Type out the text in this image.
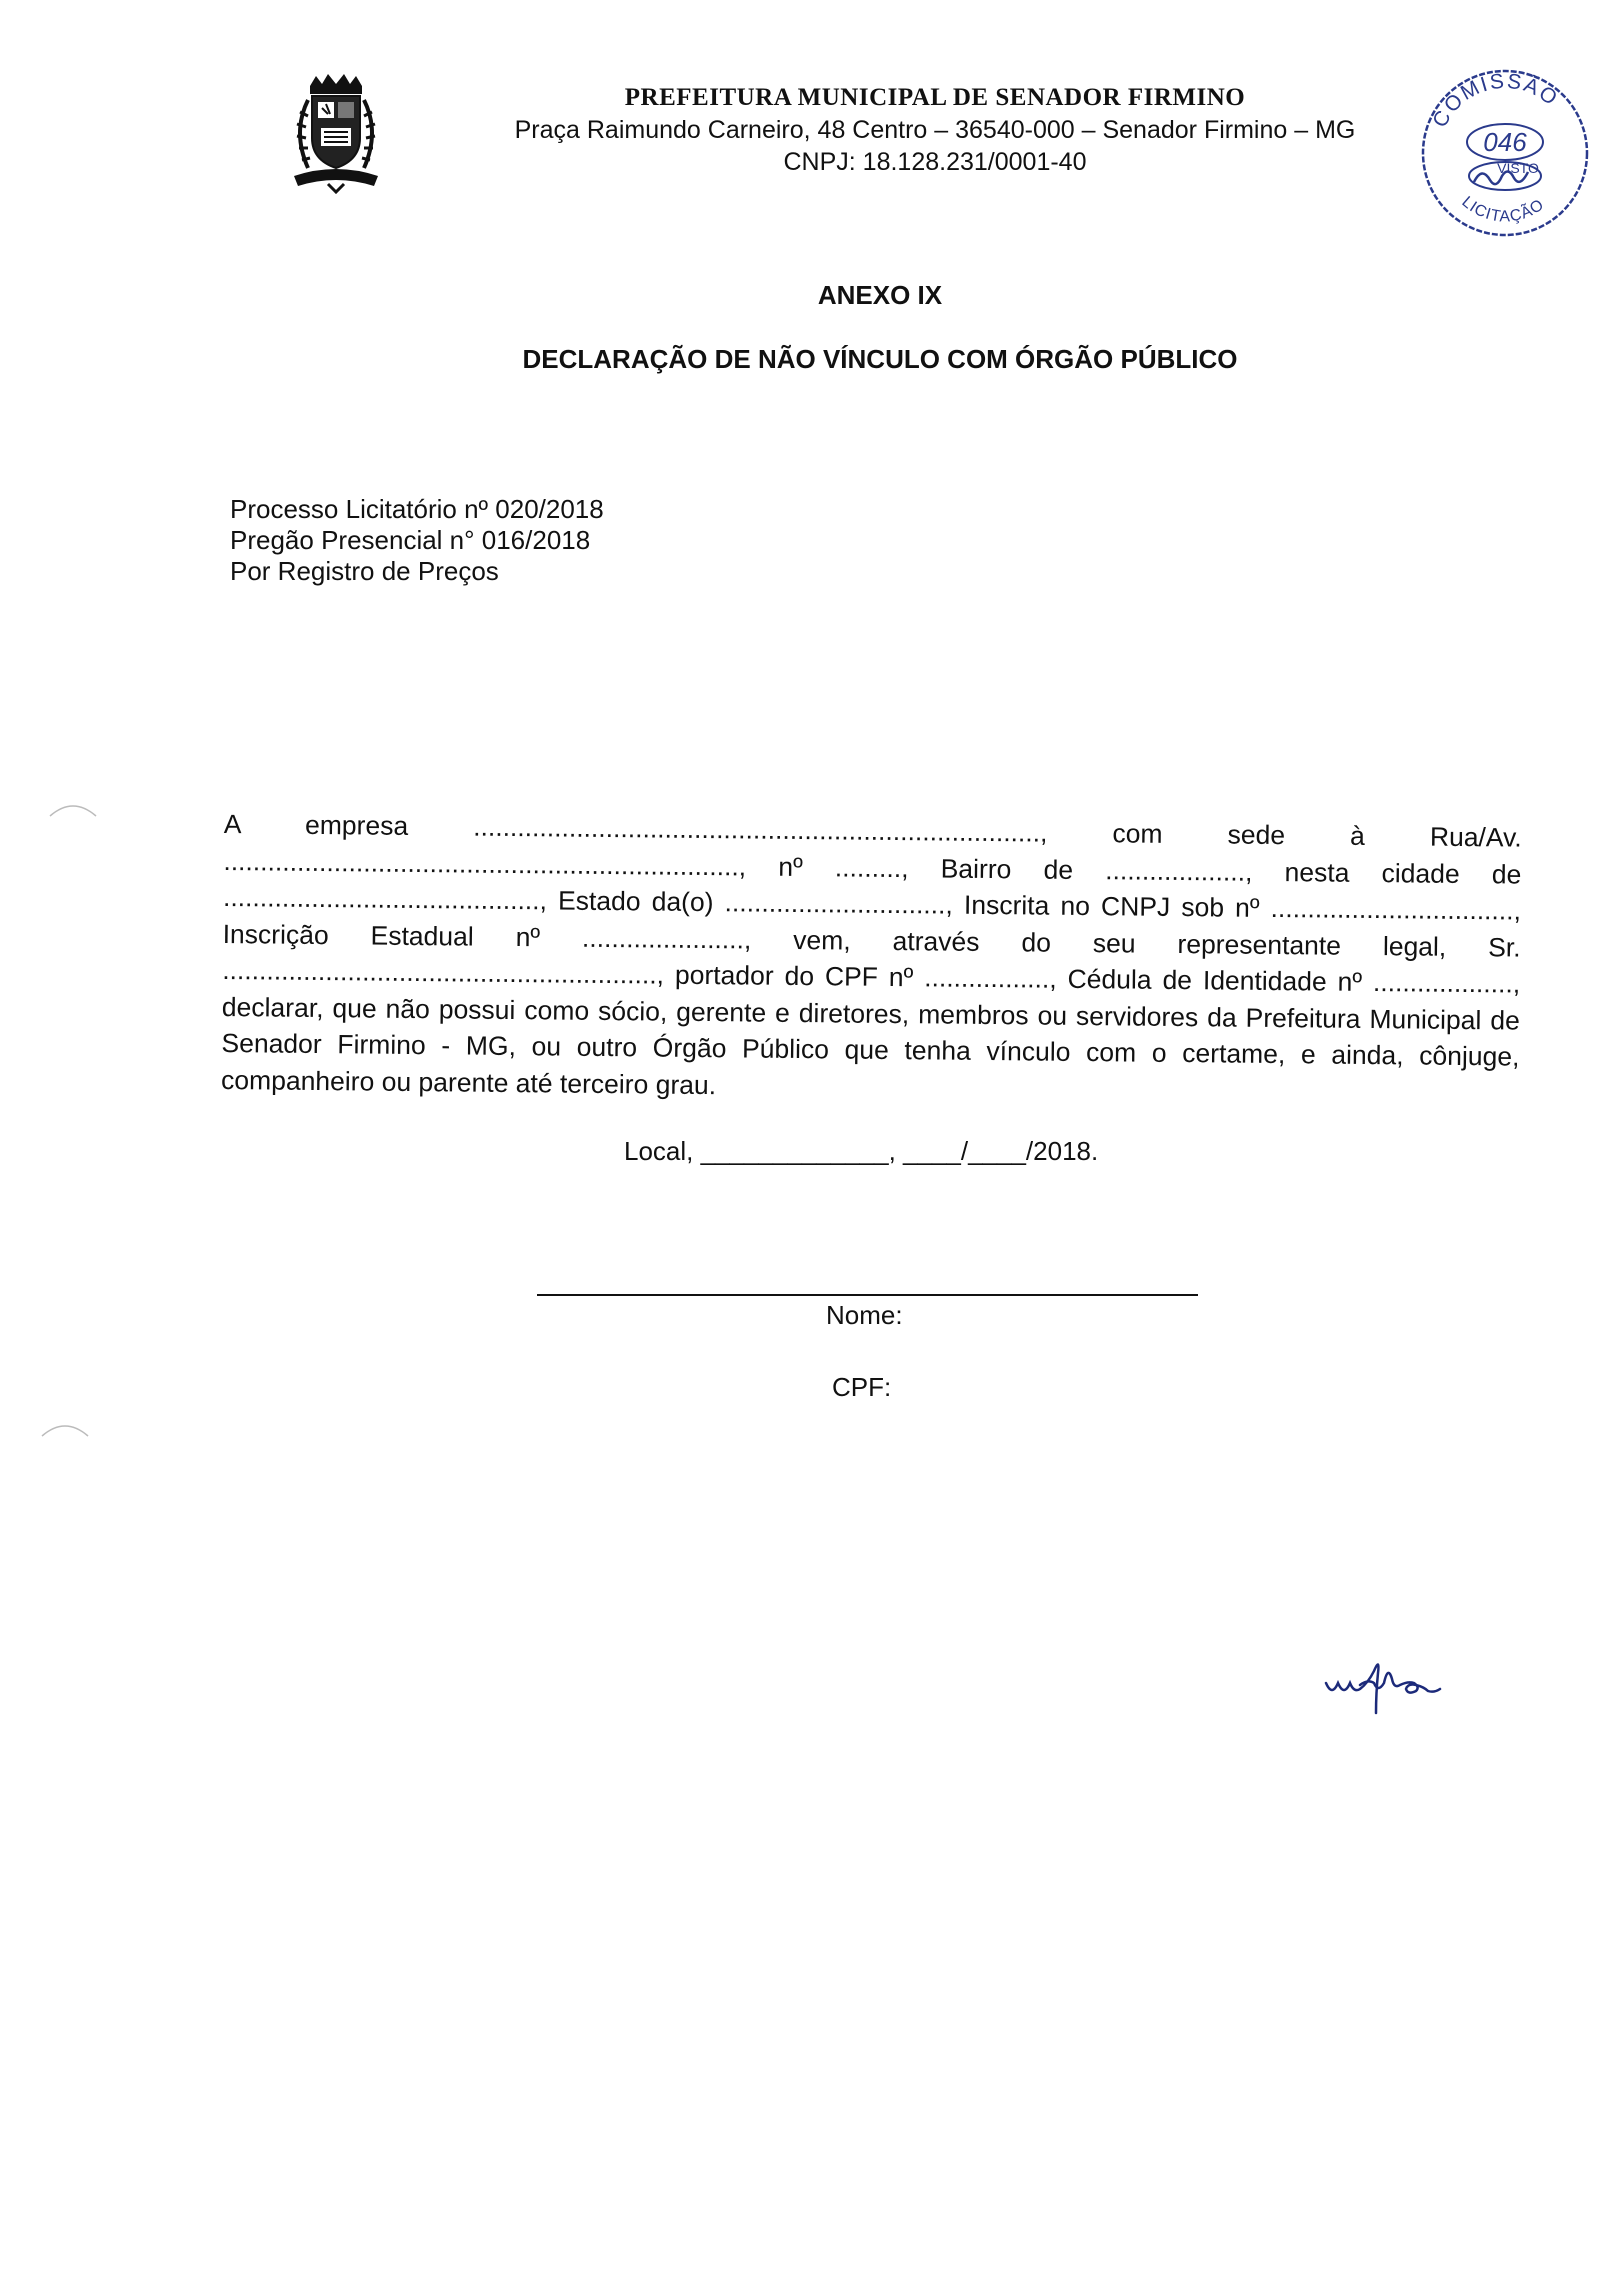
PREFEITURA MUNICIPAL DE SENADOR FIRMINO
Praça Raimundo Carneiro, 48 Centro – 36540-000 – Senador Firmino – MG
CNPJ: 18.128.231/0001-40
COMISSÃO
046
VISTO
LICITAÇÃO
ANEXO IX
DECLARAÇÃO DE NÃO VÍNCULO COM ÓRGÃO PÚBLICO
Processo Licitatório nº 020/2018
Pregão Presencial n° 016/2018
Por Registro de Preços
A empresa ............................................................................., com sede à Rua/Av. ......................................................................, nº ........., Bairro de ..................., nesta cidade de ..........................................., Estado da(o) .............................., Inscrita no CNPJ sob nº ................................., Inscrição Estadual nº ......................, vem, através do seu representante legal, Sr. ..........................................................., portador do CPF nº ................., Cédula de Identidade nº ..................., declarar, que não possui como sócio, gerente e diretores, membros ou servidores da Prefeitura Municipal de Senador Firmino - MG, ou outro Órgão Público que tenha vínculo com o certame, e ainda, cônjuge, companheiro ou parente até terceiro grau.
Local, _____________, ____/____/2018.
Nome:
CPF:
